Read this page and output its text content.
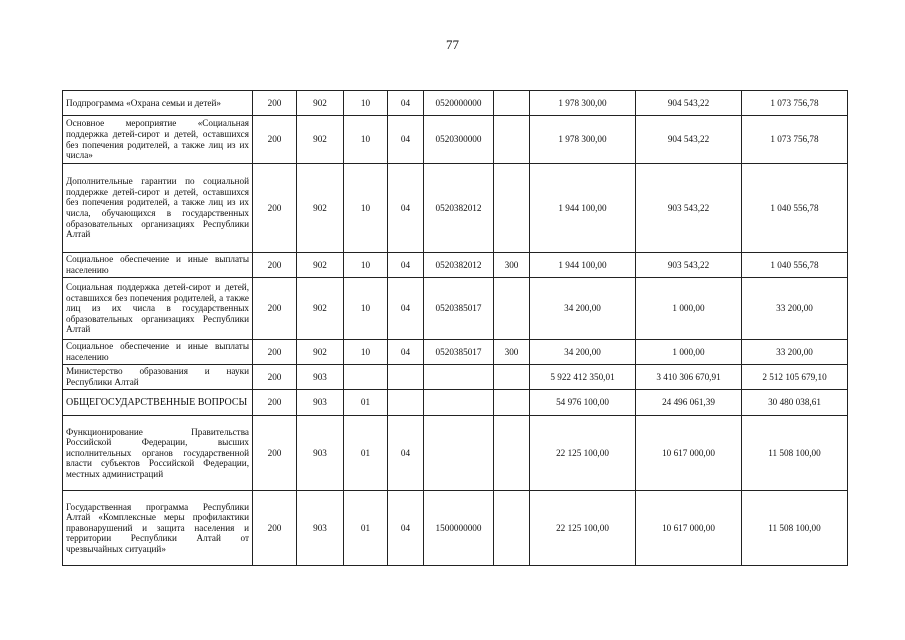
77
Подпрограмма «Охрана семьи и детей»	200	902	10	04	0520000000		1 978 300,00	904 543,22	1 073 756,78
Основное мероприятие «Социальная поддержка детей-сирот и детей, оставшихся без попечения родителей, а также лиц из их числа»	200	902	10	04	0520300000		1 978 300,00	904 543,22	1 073 756,78
Дополнительные гарантии по социальной поддержке детей-сирот и детей, оставшихся без попечения родителей, а также лиц из их числа, обучающихся в государственных образовательных организациях Республики Алтай	200	902	10	04	0520382012		1 944 100,00	903 543,22	1 040 556,78
Социальное обеспечение и иные выплаты населению	200	902	10	04	0520382012	300	1 944 100,00	903 543,22	1 040 556,78
Социальная поддержка детей-сирот и детей, оставшихся без попечения родителей, а также лиц из их числа в государственных образовательных организациях Республики Алтай	200	902	10	04	0520385017		34 200,00	1 000,00	33 200,00
Социальное обеспечение и иные выплаты населению	200	902	10	04	0520385017	300	34 200,00	1 000,00	33 200,00
Министерство образования и науки Республики Алтай	200	903					5 922 412 350,01	3 410 306 670,91	2 512 105 679,10
ОБЩЕГОСУДАРСТВЕННЫЕ ВОПРОСЫ	200	903	01				54 976 100,00	24 496 061,39	30 480 038,61
Функционирование Правительства Российской Федерации, высших исполнительных органов государственной власти субъектов Российской Федерации, местных администраций	200	903	01	04			22 125 100,00	10 617 000,00	11 508 100,00
Государственная программа Республики Алтай «Комплексные меры профилактики правонарушений и защита населения и территории Республики Алтай от чрезвычайных ситуаций»	200	903	01	04	1500000000		22 125 100,00	10 617 000,00	11 508 100,00
